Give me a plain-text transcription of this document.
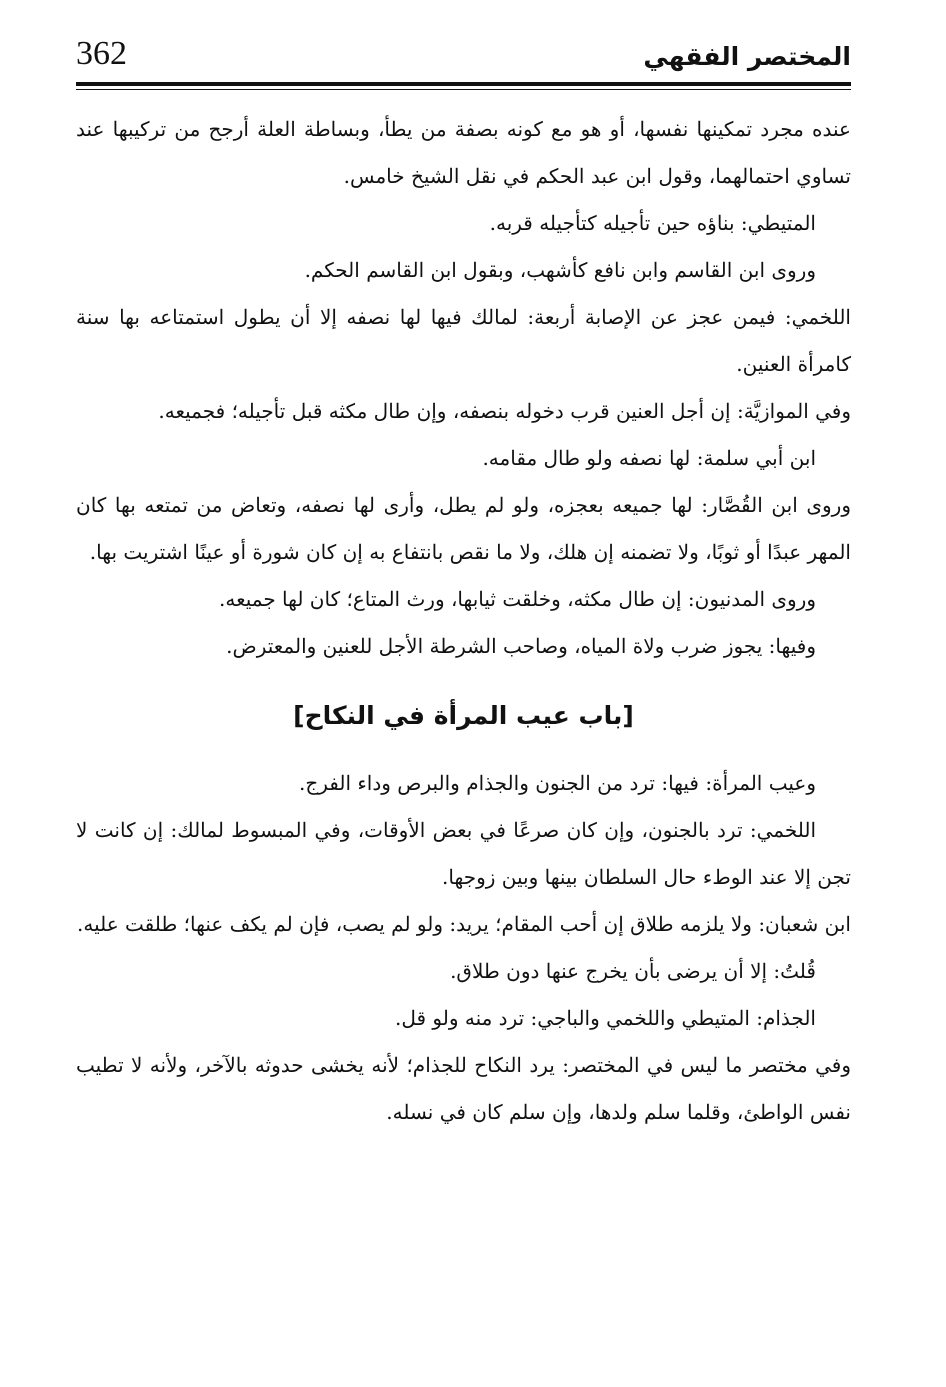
362	المختصر الفقهي

عنده مجرد تمكينها نفسها، أو هو مع كونه بصفة من يطأ، وبساطة العلة أرجح من تركيبها عند تساوي احتمالهما، وقول ابن عبد الحكم في نقل الشيخ خامس.

المتيطي: بناؤه حين تأجيله كتأجيله قربه.

وروى ابن القاسم وابن نافع كأشهب، وبقول ابن القاسم الحكم.

اللخمي: فيمن عجز عن الإصابة أربعة: لمالك فيها لها نصفه إلا أن يطول استمتاعه بها سنة كامرأة العنين.

وفي الموازيَّة: إن أجل العنين قرب دخوله بنصفه، وإن طال مكثه قبل تأجيله؛ فجميعه.

ابن أبي سلمة: لها نصفه ولو طال مقامه.

وروى ابن القُصَّار: لها جميعه بعجزه، ولو لم يطل، وأرى لها نصفه، وتعاض من تمتعه بها كان المهر عبدًا أو ثوبًا، ولا تضمنه إن هلك، ولا ما نقص بانتفاع به إن كان شورة أو عينًا اشتريت بها.

وروى المدنيون: إن طال مكثه، وخلقت ثيابها، ورث المتاع؛ كان لها جميعه.

وفيها: يجوز ضرب ولاة المياه، وصاحب الشرطة الأجل للعنين والمعترض.

[باب عيب المرأة في النكاح]

وعيب المرأة: فيها: ترد من الجنون والجذام والبرص وداء الفرج.

اللخمي: ترد بالجنون، وإن كان صرعًا في بعض الأوقات، وفي المبسوط لمالك: إن كانت لا تجن إلا عند الوطء حال السلطان بينها وبين زوجها.

ابن شعبان: ولا يلزمه طلاق إن أحب المقام؛ يريد: ولو لم يصب، فإن لم يكف عنها؛ طلقت عليه.

قُلتُ: إلا أن يرضى بأن يخرج عنها دون طلاق.

الجذام: المتيطي واللخمي والباجي: ترد منه ولو قل.

وفي مختصر ما ليس في المختصر: يرد النكاح للجذام؛ لأنه يخشى حدوثه بالآخر، ولأنه لا تطيب نفس الواطئ، وقلما سلم ولدها، وإن سلم كان في نسله.
